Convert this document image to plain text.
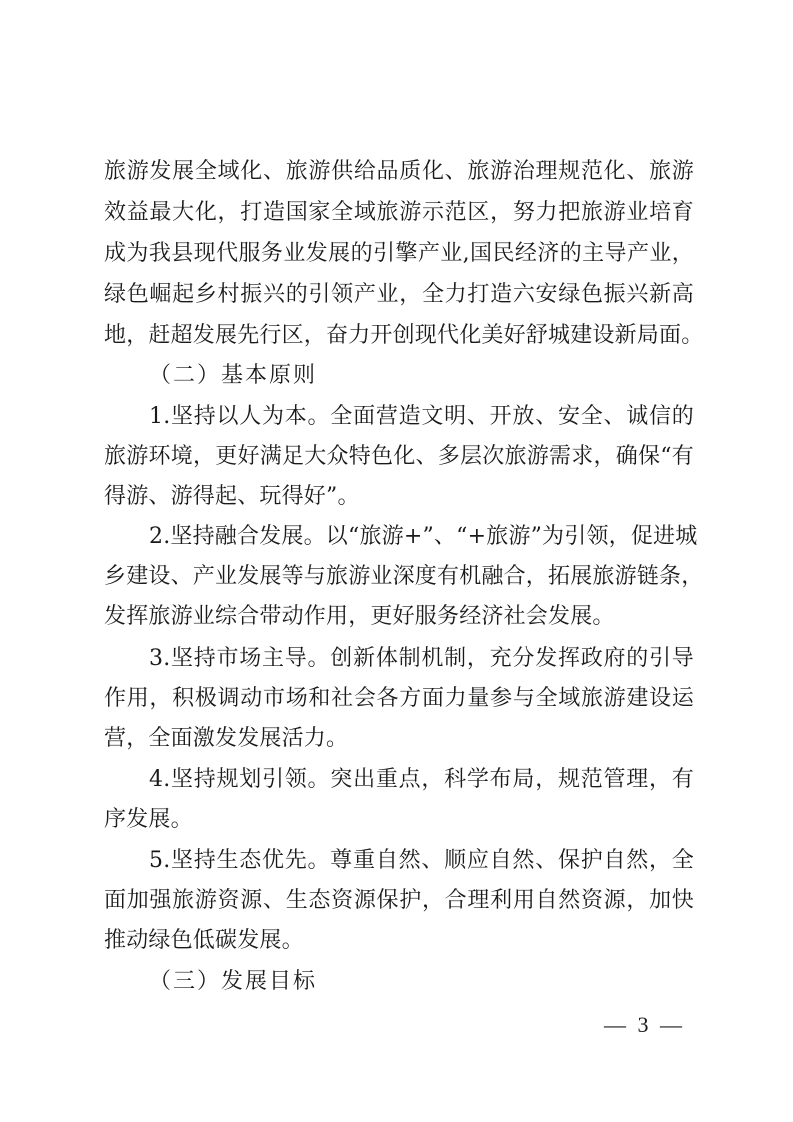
旅游发展全域化、旅游供给品质化、旅游治理规范化、旅游
效益最大化，打造国家全域旅游示范区，努力把旅游业培育
成为我县现代服务业发展的引擎产业,国民经济的主导产业，
绿色崛起乡村振兴的引领产业，全力打造六安绿色振兴新高
地，赶超发展先行区，奋力开创现代化美好舒城建设新局面。
（二）基本原则
1.坚持以人为本。全面营造文明、开放、安全、诚信的
旅游环境，更好满足大众特色化、多层次旅游需求，确保“有
得游、游得起、玩得好”。
2.坚持融合发展。以“旅游+”、“+旅游”为引领，促进城
乡建设、产业发展等与旅游业深度有机融合，拓展旅游链条，
发挥旅游业综合带动作用，更好服务经济社会发展。
3.坚持市场主导。创新体制机制，充分发挥政府的引导
作用，积极调动市场和社会各方面力量参与全域旅游建设运
营，全面激发发展活力。
4.坚持规划引领。突出重点，科学布局，规范管理，有
序发展。
5.坚持生态优先。尊重自然、顺应自然、保护自然，全
面加强旅游资源、生态资源保护，合理利用自然资源，加快
推动绿色低碳发展。
（三）发展目标
— 3 —
